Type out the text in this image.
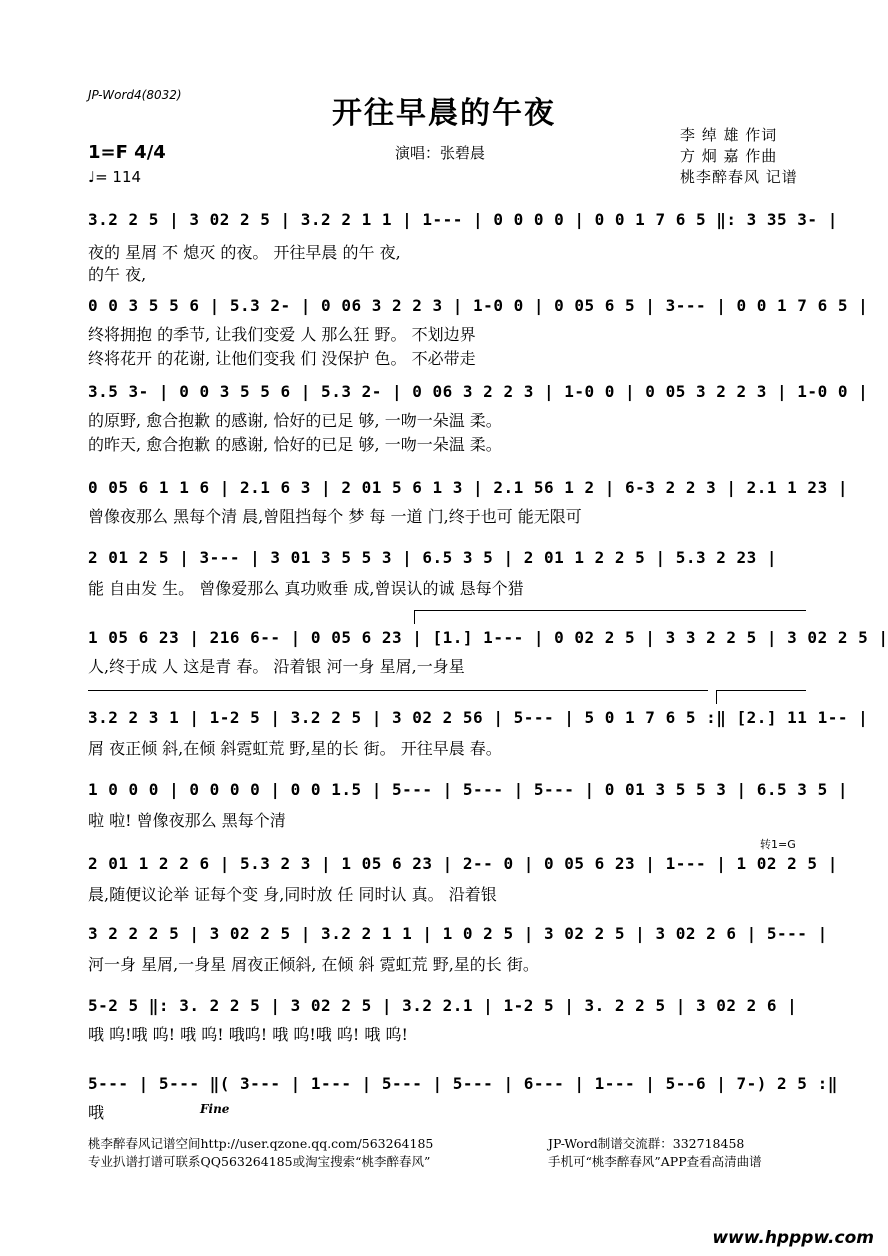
JP-Word4(8032)
开往早晨的午夜
1=F 4/4
♩= 114
演唱：张碧晨
李 绰 雄 作词
方 炯 嘉 作曲
桃李醉春风 记谱
3.2 2 5 | 3 02 2 5 | 3.2 2 1 1 | 1--- | 0 0 0 0 | 0 0 1 7 6 5 ‖: 3 35 3- |
夜的 星屑 不 熄灭 的夜。 开往早晨 的午 夜,
的午 夜,
0 0 3 5 5 6 | 5.3 2- | 0 06 3 2 2 3 | 1-0 0 | 0 05 6 5 | 3--- | 0 0 1 7 6 5 |
终将拥抱 的季节, 让我们变爱 人 那么狂 野。 不划边界
终将花开 的花谢, 让他们变我 们 没保护 色。 不必带走
3.5 3- | 0 0 3 5 5 6 | 5.3 2- | 0 06 3 2 2 3 | 1-0 0 | 0 05 3 2 2 3 | 1-0 0 |
的原野, 愈合抱歉 的感谢, 恰好的已足 够, 一吻一朵温 柔。
的昨天, 愈合抱歉 的感谢, 恰好的已足 够, 一吻一朵温 柔。
0 05 6 1 1 6 | 2.1 6 3 | 2 01 5 6 1 3 | 2.1 56 1 2 | 6-3 2 2 3 | 2.1 1 23 |
曾像夜那么 黑每个清 晨,曾阻挡每个 梦 每 一道 门,终于也可 能无限可
2 01 2 5 | 3--- | 3 01 3 5 5 3 | 6.5 3 5 | 2 01 1 2 2 5 | 5.3 2 23 |
能 自由发 生。 曾像爱那么 真功败垂 成,曾误认的诚 恳每个猎
1 05 6 23 | 216 6-- | 0 05 6 23 | [1.] 1--- | 0 02 2 5 | 3 3 2 2 5 | 3 02 2 5 |
人,终于成 人 这是青 春。 沿着银 河一身 星屑,一身星
3.2 2 3 1 | 1-2 5 | 3.2 2 5 | 3 02 2 56 | 5--- | 5 0 1 7 6 5 :‖ [2.] 11 1-- |
屑 夜正倾 斜,在倾 斜霓虹荒 野,星的长 街。 开往早晨 春。
1 0 0 0 | 0 0 0 0 | 0 0 1.5 | 5--- | 5--- | 5--- | 0 01 3 5 5 3 | 6.5 3 5 |
啦 啦! 曾像夜那么 黑每个清
转1=G
2 01 1 2 2 6 | 5.3 2 3 | 1 05 6 23 | 2-- 0 | 0 05 6 23 | 1--- | 1 02 2 5 |
晨,随便议论举 证每个变 身,同时放 任 同时认 真。 沿着银
3 2 2 2 5 | 3 02 2 5 | 3.2 2 1 1 | 1 0 2 5 | 3 02 2 5 | 3 02 2 6 | 5--- |
河一身 星屑,一身星 屑夜正倾斜, 在倾 斜 霓虹荒 野,星的长 街。
5-2 5 ‖: 3. 2 2 5 | 3 02 2 5 | 3.2 2.1 | 1-2 5 | 3. 2 2 5 | 3 02 2 6 |
哦 呜!哦 呜! 哦 呜! 哦呜! 哦 呜!哦 呜! 哦 呜!
5--- | 5--- ‖( 3--- | 1--- | 5--- | 5--- | 6--- | 1--- | 5--6 | 7-) 2 5 :‖
Fine
哦
桃李醉春风记谱空间http://user.qzone.qq.com/563264185
专业扒谱打谱可联系QQ563264185或淘宝搜索“桃李醉春风”
JP-Word制谱交流群：332718458
手机可“桃李醉春风”APP查看高清曲谱
www.hpppw.com
